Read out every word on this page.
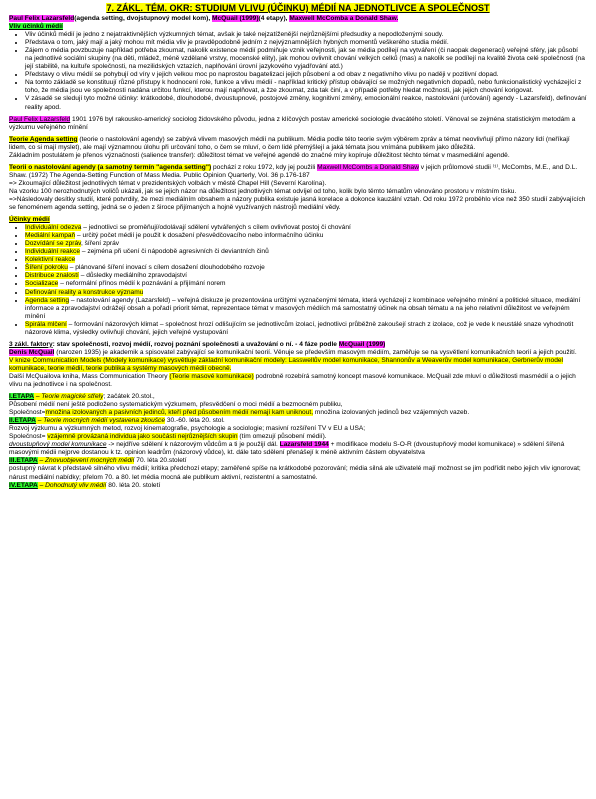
7. ZÁKL. TÉM. OKR: STUDIUM VLIVU (ÚČINKU) MÉDIÍ NA JEDNOTLIVCE A SPOLEČNOST

Paul Felix Lazarsfeld(agenda setting, dvojstupnový model kom), McQuail (1999)(4 etapy), Maxwell McComba a Donald Shaw.

Vliv účinků médií

• Vliv účinků médií je jedno z nejatraktivnějších výzkumných témat, avšak je také nejzatíženější nejrůznějšími předsudky a nepodloženými soudy.
• Představa o tom, jaký mají a jaký mohou mít média vliv je pravděpodobně jedním z nejvýznamnějších hybných momentů veškerého studia médií.
• Zájem o média povzbuzuje například potřeba zkoumat, nakolik existence médií podmiňuje vznik veřejnosti, jak se média podílejí na vytváření (či naopak degeneraci) veřejné sféry, jak působí na jednotlivé sociální skupiny (na děti, mládež, méně vzdělané vrstvy, mocenské elity), jak mohou ovlivnit chování velkých celků (mas) a nakolik se podílejí na kvalitě života celé společnosti (na její stabilitě, na kultuře společnosti, na mezilidských vztazích, naplňování úrovní jazykového vyjadřování atd.)
• Představy o vlivu médií se pohybují od víry v jejich velkou moc po naprostou bagatelizaci jejich působení a od obav z negativního vlivu po naději v pozitivní dopad.
• Na tomto základě se konstituují různé přístupy k hodnocení role, funkce a vlivu médií - například kritický přístup obávající se možných negativních dopadů, nebo funkcionalistický vycházející z toho, že média jsou ve společnosti nadána určitou funkcí, kterou mají naplňovat, a žze zkoumat, zda tak činí, a v případě potřeby hledat možnosti, jak jejich chování korigovat.
• V zásadě se sledují tyto možné účinky: krátkodobé, dlouhodobé, dvoustupnové, postojové změny, kognitivní změny, emocionální reakce, nastolování (určování) agendy - Lazarsfeld), definování reality apod.

Paul Felix Lazarsfeld 1901 1976 byl rakousko-americký sociolog židovského původu, jedna z klíčových postav americké sociologie dvacátého století. Věnoval se zejména statistickým metodám a výzkumu veřejného mínění

Teorie Agenda setting (teorie o nastolování agendy) se zabývá vlivem masových médií na publikum. Média podle této teorie svým výběrem zpráv a témat neovlivňují přímo názory lidí (neříkají lidem, co si mají myslet), ale mají významnou úlohu při určování toho, o čem se mluví, o čem lidé přemýšlejí a jaká témata jsou vnímána publikem jako důležitá.

Základním postulátem je přenos význačnosti (salience transfer): důležitost témat ve veřejné agendě do značné míry kopíruje důležitost těchto témat v masmediální agendě.

Teorii o nastolování agendy (a samotný termín "agenda setting") pochází z roku 1972, kdy jej použili Maxwell McCombs a Donald Shaw v jejich průlomové studii ⁽¹⁾, McCombs, M.E., and D.L. Shaw. (1972) The Agenda-Setting Function of Mass Media. Public Opinion Quarterly, Vol. 36 p.176-187

=> Zkoumající důležitost jednotlivých témat v prezidentských volbách v městě Chapel Hill (Severní Karolína).

Na vzorku 100 nerozhodnutých voličů ukázali, jak se jejich názor na důležitost jednotlivých témat odvíjel od toho, kolik bylo těmto tématům věnováno prostoru v místním tisku.

=>Následovaly desítky studií, které potvrdily, že mezi mediálním obsahem a názory publika existuje jasná korelace a dokonce kauzální vztah. Od roku 1972 proběhlo více než 350 studií zabývajících se fenoménem agenda setting, jedná se o jeden z široce přijímaných a hojně využívaných nástrojů mediální vědy.

Účinky médií

• Individuální odezva – jednotlivci se proměňují/odolávají sdělení vytvářených s cílem ovlivňovat postoj či chování
• Mediální kampaň – určitý počet médií je použit k dosažení přesvědčovacího nebo informačního účinku
• Dozvídání se zpráv, šíření zpráv
• Individuální reakce – zejména při učení či nápodobě agresivních či deviantních činů
• Kolektivní reakce
• Šíření pokroku – plánované šíření inovací s cílem dosažení dlouhodobého rozvoje
• Distribuce znalostí – důsledky mediálního zpravodajství
• Socializace – neformální přínos médií k poznávání a přijímání norem
• Definování reality a konstrukce významu
• Agenda setting – nastolování agendy (Lazarsfeld) – veřejná diskuze je prezentována určitými vyznačenými témata, která vycházejí z kombinace veřejného mínění a politické situace, mediální informace a zpravodajství odrážejí obsah a pořadí priorit témat, reprezentace témat v masových médiích má samostatný účinek na obsah tématu a na jeho relativní důležitost ve veřejném mínění
• Spirála mlčení – formování názorových klimat – společnost hrozí odlišujícím se jednotlivcům izolací, jednotlivci průběžně zakoušejí strach z izolace, což je vede k neustálé snaze vyhodnotit názorové klima, výsledky ovlivňují chování, jejich veřejné vystupování

3 zákl. faktory: stav společnosti, rozvoj médií, rozvoj poznání společnosti a uvažování o ní. - 4 fáze podle McQuail (1999)

Denis McQuail (narozen 1935) je akademik a spisovatel zabývající se komunikační teorií. Věnuje se především masovým médiím, zaměřuje se na vysvětlení komunikačních teorií a jejich použití.

V knize Communication Models (Modely komunikace) vysvětluje základní komunikační modely: Lasswellův model komunikace, Shannonův a Weaverův model komunikace, Gerbnerův model komunikace, teorie médií, teorie publika a systémy masových médií obecně.

Další McQuailova kniha, Mass Communication Theory (Teorie masové komunikace) podrobně rozebírá samotný koncept masové komunikace. McQuail zde mluví o důležitosti masmédií a o jejich vlivu na jednotlivce i na společnost.

I.ETAPA – Teorie magické střely; začátek 20.stol.,

Působení médií není ještě podloženo systematickým výzkumem, přesvědčení o moci médií a bezmocném publiku,

Společnost=množina izolovaných a pasivních jedinců, kteří před působením médií nemají kam uniknout, množina izolovaných jedinců bez vzájemných vazeb.

II.ETAPA – Teorie mocných médií vystavena zkoušce 30.-60. léta 20. stol.

Rozvoj výzkumu a výzkumných metod, rozvoj kinematografie, psychologie a sociologie; masivní rozšíření TV v EU a USA;

Společnost= vzájemně provázaná individua jako součásti nejrůznějších skupin (tím omezují působení médií).

dvoustupňový model komunikace -> nejdříve sdělení k názorovým vůdcům a ti je použijí dál. Lazarsfeld 1944 + modifikace modelu S-O-R (dvoustupňový model komunikace) » sdělení šířená masovými médii nejprve dostanou k tz. opinion leadrům (názorový vůdce), kt. dále tato sdělení přenášejí k méně aktivním částem obyvatelstva

III.ETAPA – Znovuobjevení mocných médií 70. léta 20.století

postupný návrat k představě silného vlivu médií; kritika předchozí etapy; zaměřené spíše na krátkodobé pozorování; média silná ale uživatelé mají možnost se jim podřídit nebo jejich vliv ignorovat; nárust mediální nabídky; přelom 70. a 80. let média mocná ale publikum aktivní, rezistentní a samostatné.

IV.ETAPA – Dohodnutý vliv médií 80. léta 20. století
